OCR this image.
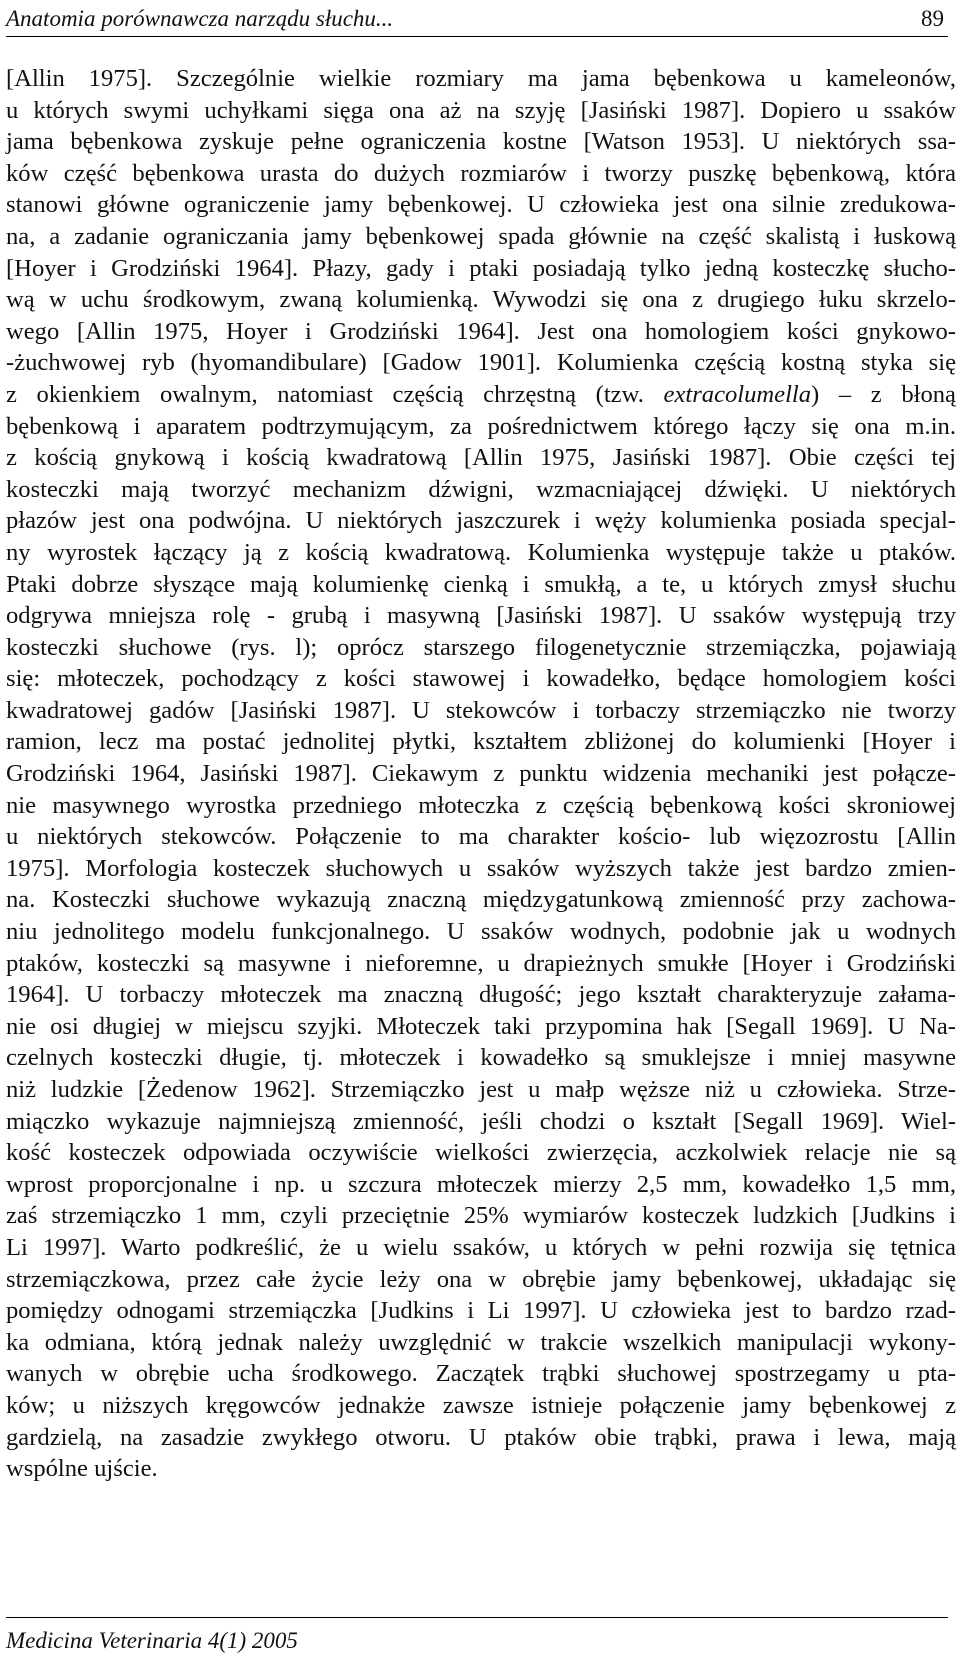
Anatomia porównawcza narządu słuchu...	89
[Allin 1975]. Szczególnie wielkie rozmiary ma jama bębenkowa u kameleonów,
u których swymi uchyłkami sięga ona aż na szyję [Jasiński 1987]. Dopiero u ssaków
jama bębenkowa zyskuje pełne ograniczenia kostne [Watson 1953]. U niektórych ssa-
ków część bębenkowa urasta do dużych rozmiarów i tworzy puszkę bębenkową, która
stanowi główne ograniczenie jamy bębenkowej. U człowieka jest ona silnie zredukowa-
na, a zadanie ograniczania jamy bębenkowej spada głównie na część skalistą i łuskową
[Hoyer i Grodziński 1964]. Płazy, gady i ptaki posiadają tylko jedną kosteczkę słucho-
wą w uchu środkowym, zwaną kolumienką. Wywodzi się ona z drugiego łuku skrzelo-
wego [Allin 1975, Hoyer i Grodziński 1964]. Jest ona homologiem kości gnykowo-
-żuchwowej ryb (hyomandibulare) [Gadow 1901]. Kolumienka częścią kostną styka się
z okienkiem owalnym, natomiast częścią chrzęstną (tzw. extracolumella) – z błoną
bębenkową i aparatem podtrzymującym, za pośrednictwem którego łączy się ona m.in.
z kością gnykową i kością kwadratową [Allin 1975, Jasiński 1987]. Obie części tej
kosteczki mają tworzyć mechanizm dźwigni, wzmacniającej dźwięki. U niektórych
płazów jest ona podwójna. U niektórych jaszczurek i węży kolumienka posiada specjal-
ny wyrostek łączący ją z kością kwadratową. Kolumienka występuje także u ptaków.
Ptaki dobrze słyszące mają kolumienkę cienką i smukłą, a te, u których zmysł słuchu
odgrywa mniejsza rolę - grubą i masywną [Jasiński 1987]. U ssaków występują trzy
kosteczki słuchowe (rys. l); oprócz starszego filogenetycznie strzemiączka, pojawiają
się: młoteczek, pochodzący z kości stawowej i kowadełko, będące homologiem kości
kwadratowej gadów [Jasiński 1987]. U stekowców i torbaczy strzemiączko nie tworzy
ramion, lecz ma postać jednolitej płytki, kształtem zbliżonej do kolumienki [Hoyer i
Grodziński 1964, Jasiński 1987]. Ciekawym z punktu widzenia mechaniki jest połącze-
nie masywnego wyrostka przedniego młoteczka z częścią bębenkową kości skroniowej
u niektórych stekowców. Połączenie to ma charakter kościo- lub więzozrostu [Allin
1975]. Morfologia kosteczek słuchowych u ssaków wyższych także jest bardzo zmien-
na. Kosteczki słuchowe wykazują znaczną międzygatunkową zmienność przy zachowa-
niu jednolitego modelu funkcjonalnego. U ssaków wodnych, podobnie jak u wodnych
ptaków, kosteczki są masywne i nieforemne, u drapieżnych smukłe [Hoyer i Grodziński
1964]. U torbaczy młoteczek ma znaczną długość; jego kształt charakteryzuje załama-
nie osi długiej w miejscu szyjki. Młoteczek taki przypomina hak [Segall 1969]. U Na-
czelnych kosteczki długie, tj. młoteczek i kowadełko są smuklejsze i mniej masywne
niż ludzkie [Żedenow 1962]. Strzemiączko jest u małp węższe niż u człowieka. Strze-
miączko wykazuje najmniejszą zmienność, jeśli chodzi o kształt [Segall 1969]. Wiel-
kość kosteczek odpowiada oczywiście wielkości zwierzęcia, aczkolwiek relacje nie są
wprost proporcjonalne i np. u szczura młoteczek mierzy 2,5 mm, kowadełko 1,5 mm,
zaś strzemiączko 1 mm, czyli przeciętnie 25% wymiarów kosteczek ludzkich [Judkins i
Li 1997]. Warto podkreślić, że u wielu ssaków, u których w pełni rozwija się tętnica
strzemiączkowa, przez całe życie leży ona w obrębie jamy bębenkowej, układając się
pomiędzy odnogami strzemiączka [Judkins i Li 1997]. U człowieka jest to bardzo rzad-
ka odmiana, którą jednak należy uwzględnić w trakcie wszelkich manipulacji wykony-
wanych w obrębie ucha środkowego. Zaczątek trąbki słuchowej spostrzegamy u pta-
ków; u niższych kręgowców jednakże zawsze istnieje połączenie jamy bębenkowej z
gardzielą, na zasadzie zwykłego otworu. U ptaków obie trąbki, prawa i lewa, mają
wspólne ujście.
Medicina Veterinaria 4(1) 2005
